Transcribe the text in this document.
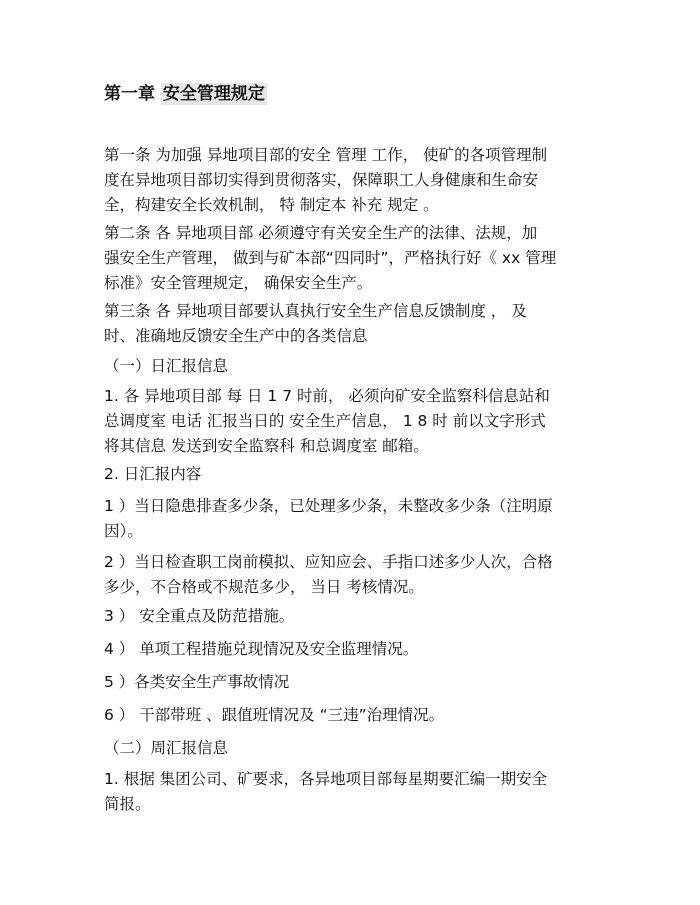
第一章 安全管理规定

第一条 为加强 异地项目部的安全 管理 工作， 使矿的各项管理制
度在异地项目部切实得到贯彻落实，保障职工人身健康和生命安
全，构建安全长效机制， 特 制定本 补充 规定 。

第二条 各 异地项目部 必须遵守有关安全生产的法律、法规，加
强安全生产管理， 做到与矿本部“四同时”，严格执行好《 xx 管理
标准》安全管理规定， 确保安全生产。

第三条 各 异地项目部要认真执行安全生产信息反馈制度 ， 及
时、准确地反馈安全生产中的各类信息

（一）日汇报信息

1. 各 异地项目部 每 日 1 7 时前， 必须向矿安全监察科信息站和
总调度室 电话 汇报当日的 安全生产信息， 1 8 时 前以文字形式
将其信息 发送到安全监察科 和总调度室 邮箱。

2. 日汇报内容

1 ）当日隐患排查多少条，已处理多少条，未整改多少条（注明原
因）。

2 ）当日检查职工岗前模拟、应知应会、手指口述多少人次，合格
多少，不合格或不规范多少， 当日 考核情况。

3 ） 安全重点及防范措施。

4 ） 单项工程措施兑现情况及安全监理情况。

5 ）各类安全生产事故情况

6 ） 干部带班 、跟值班情况及 “三违”治理情况。

（二）周汇报信息

1. 根据 集团公司、矿要求，各异地项目部每星期要汇编一期安全
简报。
